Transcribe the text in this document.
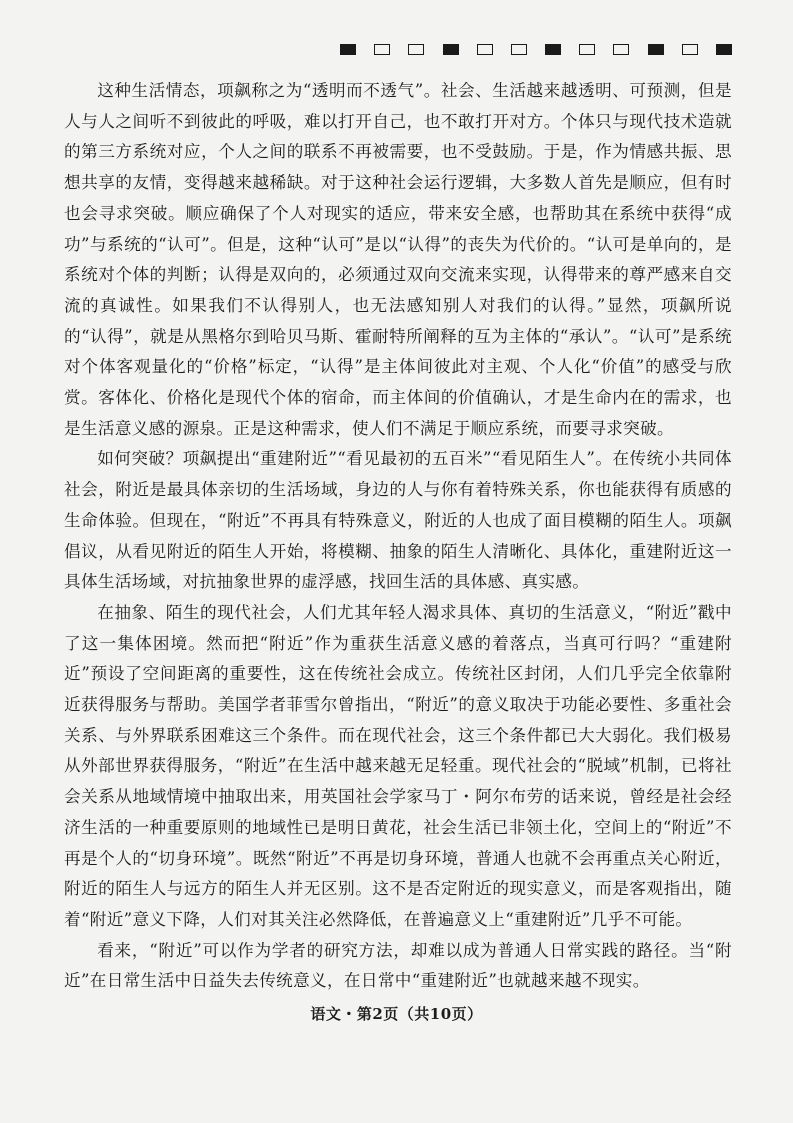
这种生活情态，项飙称之为“透明而不透气”。社会、生活越来越透明、可预测，但是人与人之间听不到彼此的呼吸，难以打开自己，也不敢打开对方。个体只与现代技术造就的第三方系统对应，个人之间的联系不再被需要，也不受鼓励。于是，作为情感共振、思想共享的友情，变得越来越稀缺。对于这种社会运行逻辑，大多数人首先是顺应，但有时也会寻求突破。顺应确保了个人对现实的适应，带来安全感，也帮助其在系统中获得“成功”与系统的“认可”。但是，这种“认可”是以“认得”的丧失为代价的。“认可是单向的，是系统对个体的判断；认得是双向的，必须通过双向交流来实现，认得带来的尊严感来自交流的真诚性。如果我们不认得别人，也无法感知别人对我们的认得。”显然，项飙所说的“认得”，就是从黑格尔到哈贝马斯、霍耐特所阐释的互为主体的“承认”。“认可”是系统对个体客观量化的“价格”标定，“认得”是主体间彼此对主观、个人化“价值”的感受与欣赏。客体化、价格化是现代个体的宿命，而主体间的价值确认，才是生命内在的需求，也是生活意义感的源泉。正是这种需求，使人们不满足于顺应系统，而要寻求突破。

如何突破？项飙提出“重建附近”“看见最初的五百米”“看见陌生人”。在传统小共同体社会，附近是最具体亲切的生活场域，身边的人与你有着特殊关系，你也能获得有质感的生命体验。但现在，“附近”不再具有特殊意义，附近的人也成了面目模糊的陌生人。项飙倡议，从看见附近的陌生人开始，将模糊、抽象的陌生人清晰化、具体化，重建附近这一具体生活场域，对抗抽象世界的虚浮感，找回生活的具体感、真实感。

在抽象、陌生的现代社会，人们尤其年轻人渴求具体、真切的生活意义，“附近”戳中了这一集体困境。然而把“附近”作为重获生活意义感的着落点，当真可行吗？“重建附近”预设了空间距离的重要性，这在传统社会成立。传统社区封闭，人们几乎完全依靠附近获得服务与帮助。美国学者菲雪尔曾指出，“附近”的意义取决于功能必要性、多重社会关系、与外界联系困难这三个条件。而在现代社会，这三个条件都已大大弱化。我们极易从外部世界获得服务，“附近”在生活中越来越无足轻重。现代社会的“脱域”机制，已将社会关系从地域情境中抽取出来，用英国社会学家马丁・阿尔布劳的话来说，曾经是社会经济生活的一种重要原则的地域性已是明日黄花，社会生活已非领土化，空间上的“附近”不再是个人的“切身环境”。既然“附近”不再是切身环境，普通人也就不会再重点关心附近，附近的陌生人与远方的陌生人并无区别。这不是否定附近的现实意义，而是客观指出，随着“附近”意义下降，人们对其关注必然降低，在普遍意义上“重建附近”几乎不可能。

看来，“附近”可以作为学者的研究方法，却难以成为普通人日常实践的路径。当“附近”在日常生活中日益失去传统意义，在日常中“重建附近”也就越来越不现实。

语文・第2页（共10页）
